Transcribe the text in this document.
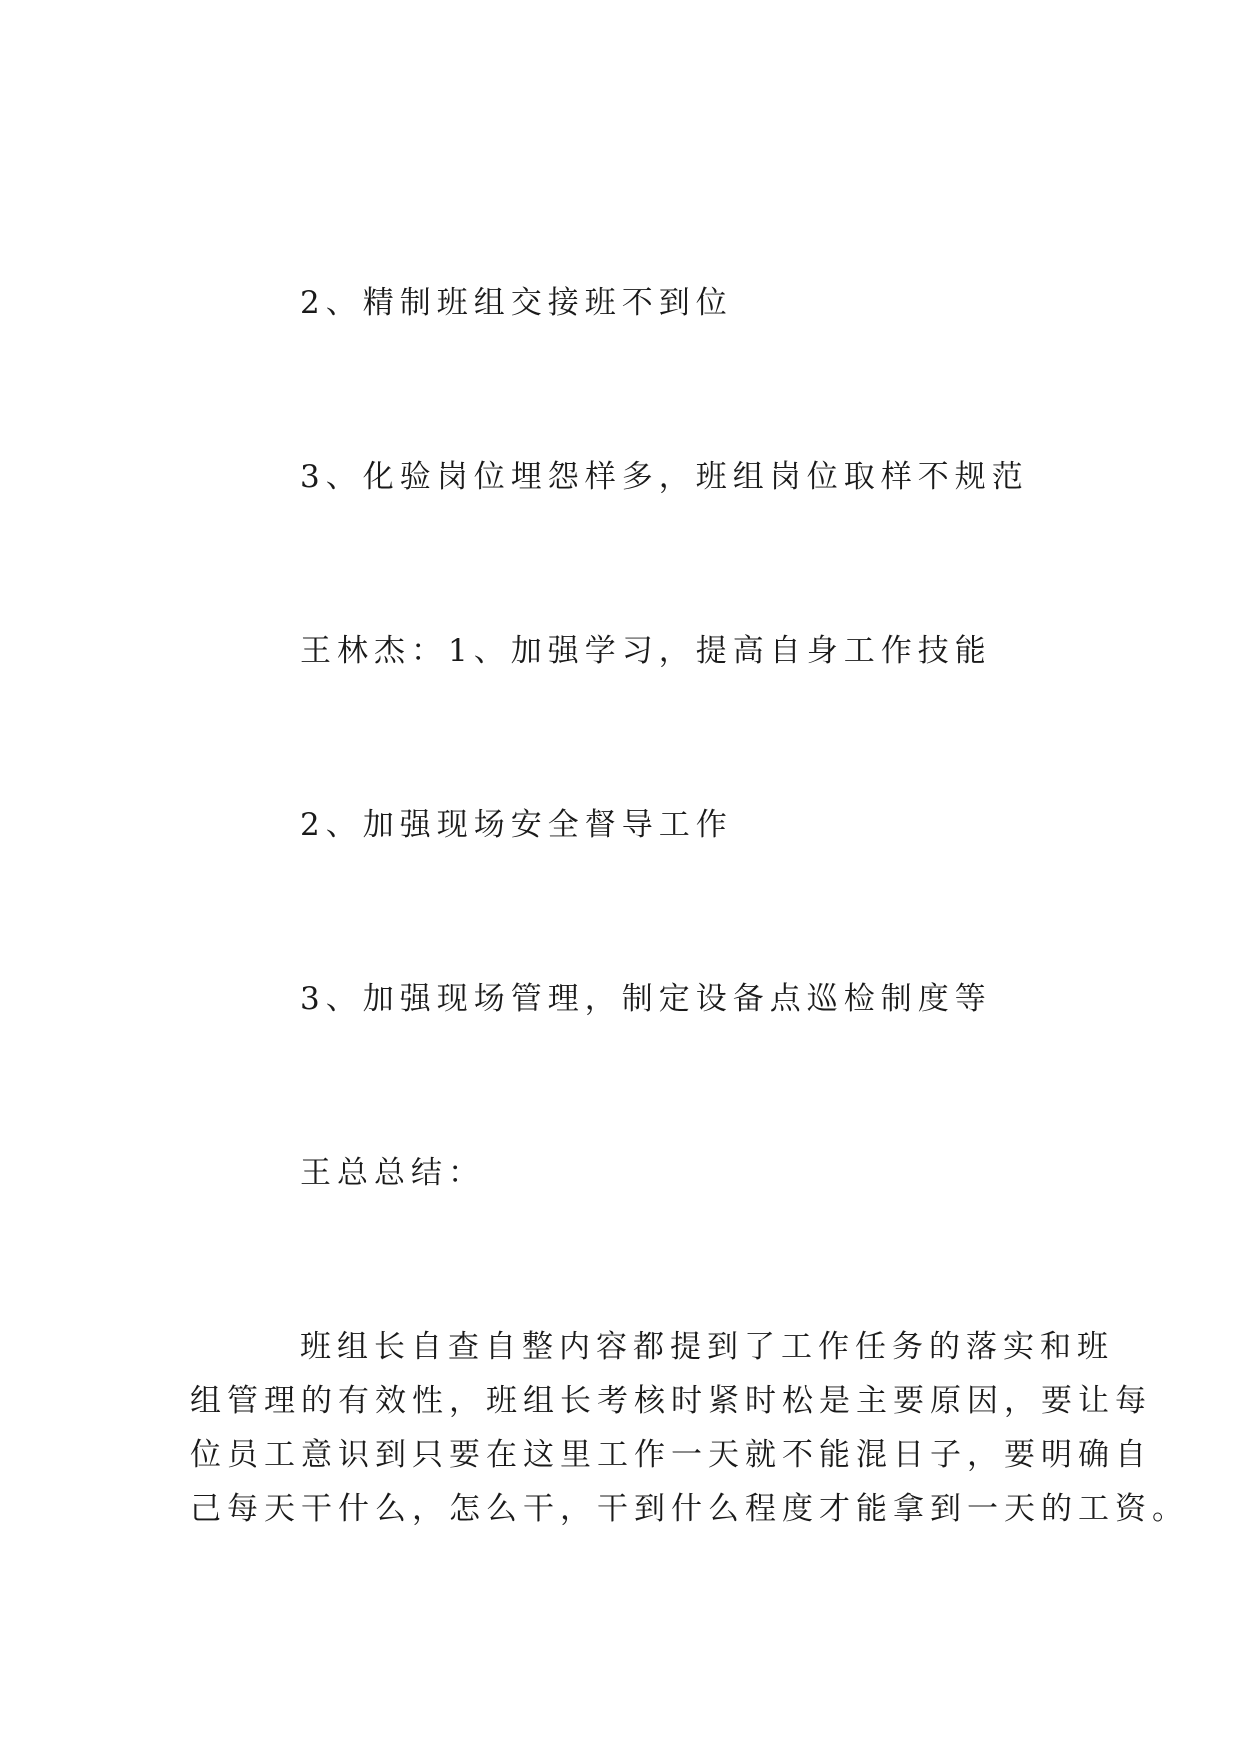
2、精制班组交接班不到位
3、化验岗位埋怨样多，班组岗位取样不规范
王林杰：1、加强学习，提高自身工作技能
2、加强现场安全督导工作
3、加强现场管理，制定设备点巡检制度等
王总总结：
班组长自查自整内容都提到了工作任务的落实和班
组管理的有效性，班组长考核时紧时松是主要原因，要让每
位员工意识到只要在这里工作一天就不能混日子，要明确自
己每天干什么，怎么干，干到什么程度才能拿到一天的工资。
